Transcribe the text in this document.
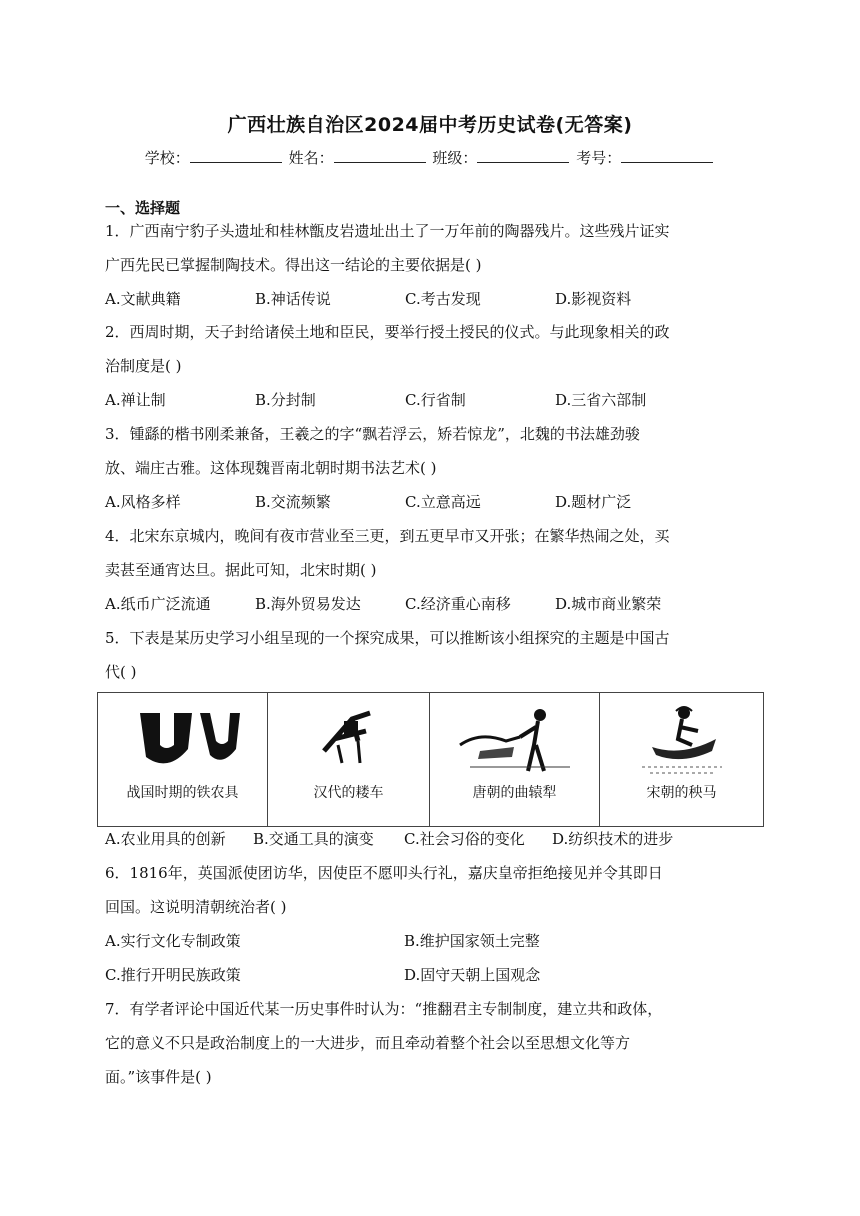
广西壮族自治区2024届中考历史试卷(无答案)
学校：	姓名：	班级：	考号：
一、选择题
1．广西南宁豹子头遗址和桂林甑皮岩遗址出土了一万年前的陶器残片。这些残片证实
广西先民已掌握制陶技术。得出这一结论的主要依据是( )
A.文献典籍	B.神话传说	C.考古发现	D.影视资料
2．西周时期，天子封给诸侯土地和臣民，要举行授土授民的仪式。与此现象相关的政
治制度是( )
A.禅让制	B.分封制	C.行省制	D.三省六部制
3．锺繇的楷书刚柔兼备，王羲之的字“飘若浮云，矫若惊龙”，北魏的书法雄劲骏
放、端庄古雅。这体现魏晋南北朝时期书法艺术( )
A.风格多样	B.交流频繁	C.立意高远	D.题材广泛
4．北宋东京城内，晚间有夜市营业至三更，到五更早市又开张；在繁华热闹之处，买
卖甚至通宵达旦。据此可知，北宋时期( )
A.纸币广泛流通	B.海外贸易发达	C.经济重心南移	D.城市商业繁荣
5．下表是某历史学习小组呈现的一个探究成果，可以推断该小组探究的主题是中国古
代( )
战国时期的铁农具	汉代的耧车	唐朝的曲辕犁	宋朝的秧马
A.农业用具的创新 B.交通工具的演变 C.社会习俗的变化 D.纺织技术的进步
6．1816年，英国派使团访华，因使臣不愿叩头行礼，嘉庆皇帝拒绝接见并令其即日
回国。这说明清朝统治者( )
A.实行文化专制政策	B.维护国家领土完整
C.推行开明民族政策	D.固守天朝上国观念
7．有学者评论中国近代某一历史事件时认为：“推翻君主专制制度，建立共和政体，
它的意义不只是政治制度上的一大进步，而且牵动着整个社会以至思想文化等方
面。”该事件是( )
